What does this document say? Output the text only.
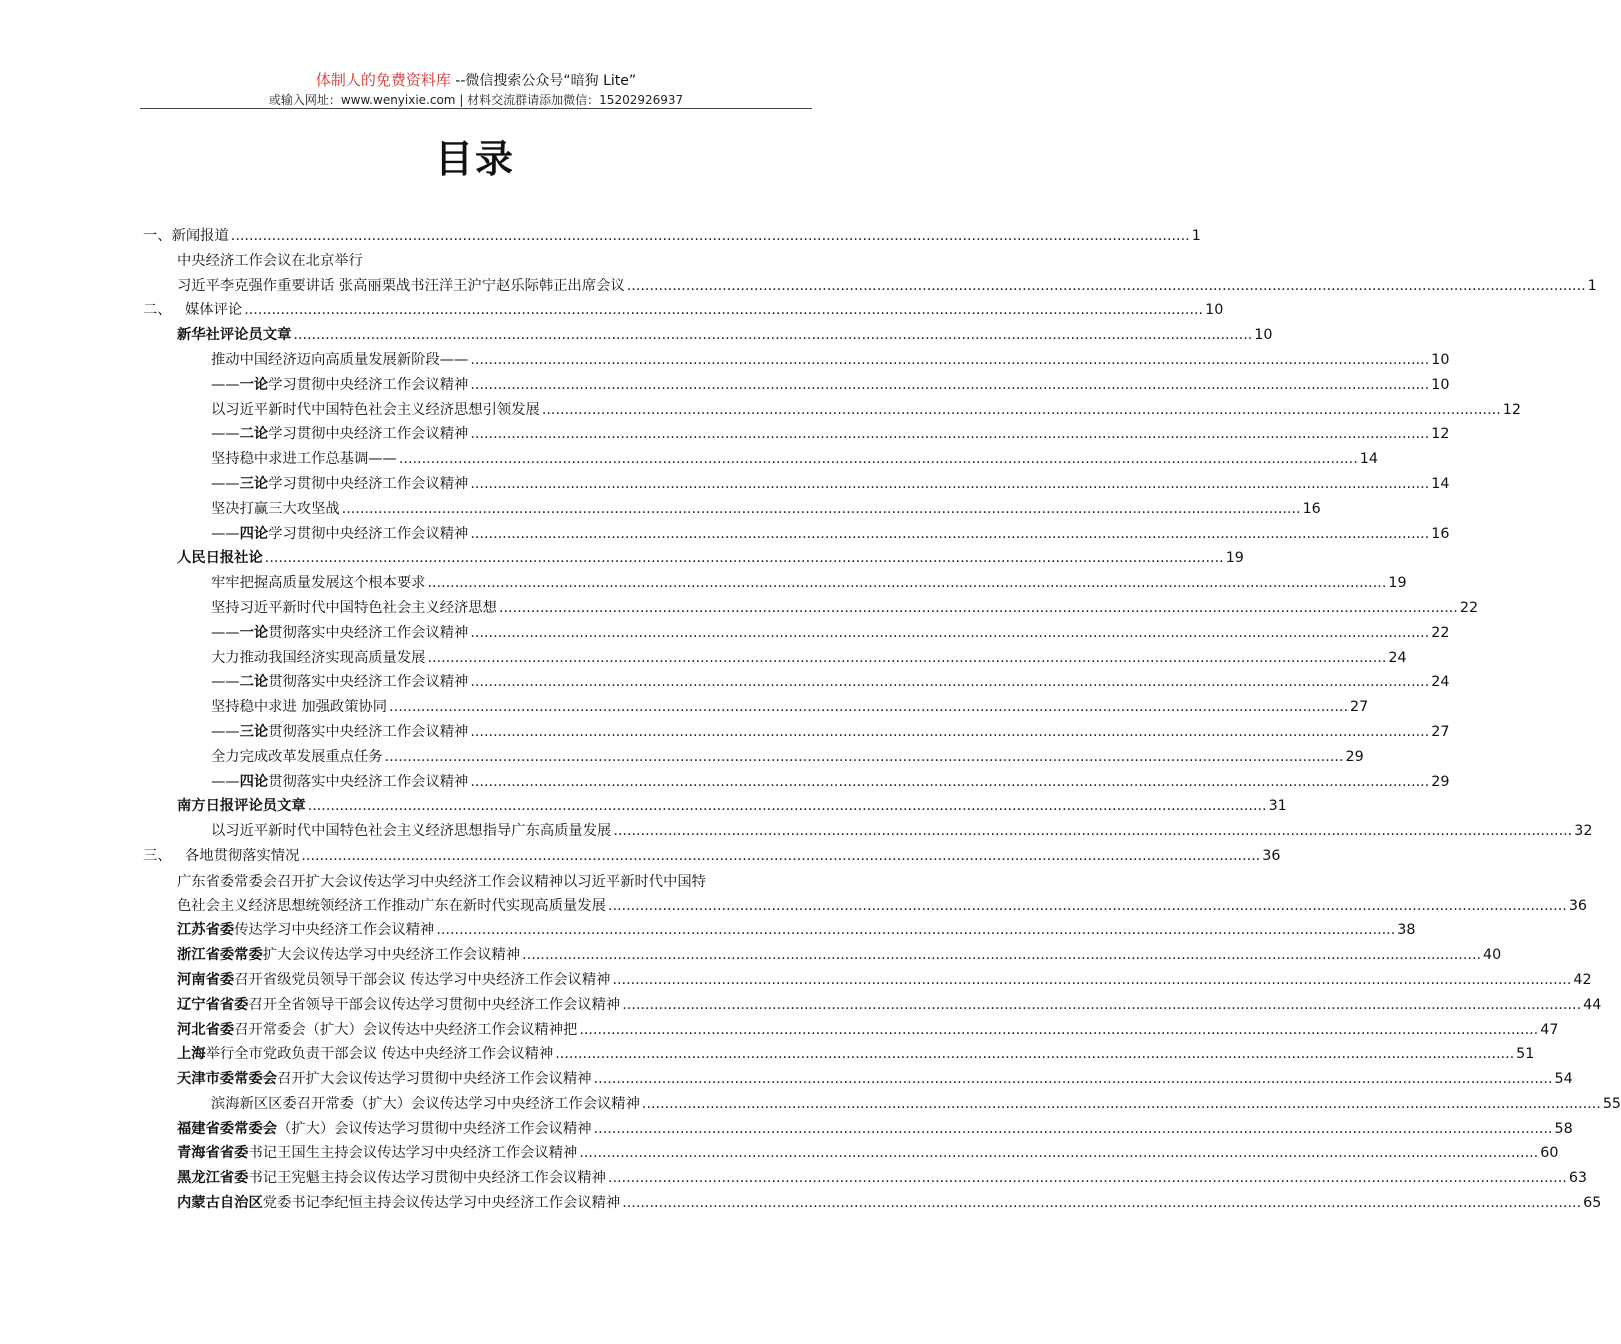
体制人的免费资料库 --微信搜索公众号“暗狗 Lite”
或输入网址：www.wenyixie.com | 材料交流群请添加微信：15202926937
目录
一、新闻报道 .....	1
中央经济工作会议在北京举行
习近平李克强作重要讲话 张高丽栗战书汪洋王沪宁赵乐际韩正出席会议 .....	1
二、 媒体评论 .....	10
新华社评论员文章 .....	10
推动中国经济迈向高质量发展新阶段—— .....	10
——一论学习贯彻中央经济工作会议精神 .....	10
以习近平新时代中国特色社会主义经济思想引领发展 .....	12
——二论学习贯彻中央经济工作会议精神 .....	12
坚持稳中求进工作总基调—— .....	14
——三论学习贯彻中央经济工作会议精神 .....	14
坚决打赢三大攻坚战 .....	16
——四论学习贯彻中央经济工作会议精神 .....	16
人民日报社论 .....	19
牢牢把握高质量发展这个根本要求 .....	19
坚持习近平新时代中国特色社会主义经济思想 .....	22
——一论贯彻落实中央经济工作会议精神 .....	22
大力推动我国经济实现高质量发展 .....	24
——二论贯彻落实中央经济工作会议精神 .....	24
坚持稳中求进 加强政策协同 .....	27
——三论贯彻落实中央经济工作会议精神 .....	27
全力完成改革发展重点任务 .....	29
——四论贯彻落实中央经济工作会议精神 .....	29
南方日报评论员文章 .....	31
以习近平新时代中国特色社会主义经济思想指导广东高质量发展 .....	32
三、 各地贯彻落实情况 .....	36
广东省委常委会召开扩大会议传达学习中央经济工作会议精神以习近平新时代中国特
色社会主义经济思想统领经济工作推动广东在新时代实现高质量发展 .....	36
江苏省委传达学习中央经济工作会议精神 .....	38
浙江省委常委扩大会议传达学习中央经济工作会议精神 .....	40
河南省委召开省级党员领导干部会议 传达学习中央经济工作会议精神 .....	42
辽宁省省委召开全省领导干部会议传达学习贯彻中央经济工作会议精神 .....	44
河北省委召开常委会（扩大）会议传达中央经济工作会议精神把 .....	47
上海举行全市党政负责干部会议 传达中央经济工作会议精神 .....	51
天津市委常委会召开扩大会议传达学习贯彻中央经济工作会议精神 .....	54
滨海新区区委召开常委（扩大）会议传达学习中央经济工作会议精神 .....	55
福建省委常委会（扩大）会议传达学习贯彻中央经济工作会议精神 .....	58
青海省省委书记王国生主持会议传达学习中央经济工作会议精神 .....	60
黑龙江省委书记王宪魁主持会议传达学习贯彻中央经济工作会议精神 .....	63
内蒙古自治区党委书记李纪恒主持会议传达学习中央经济工作会议精神 .....	65
